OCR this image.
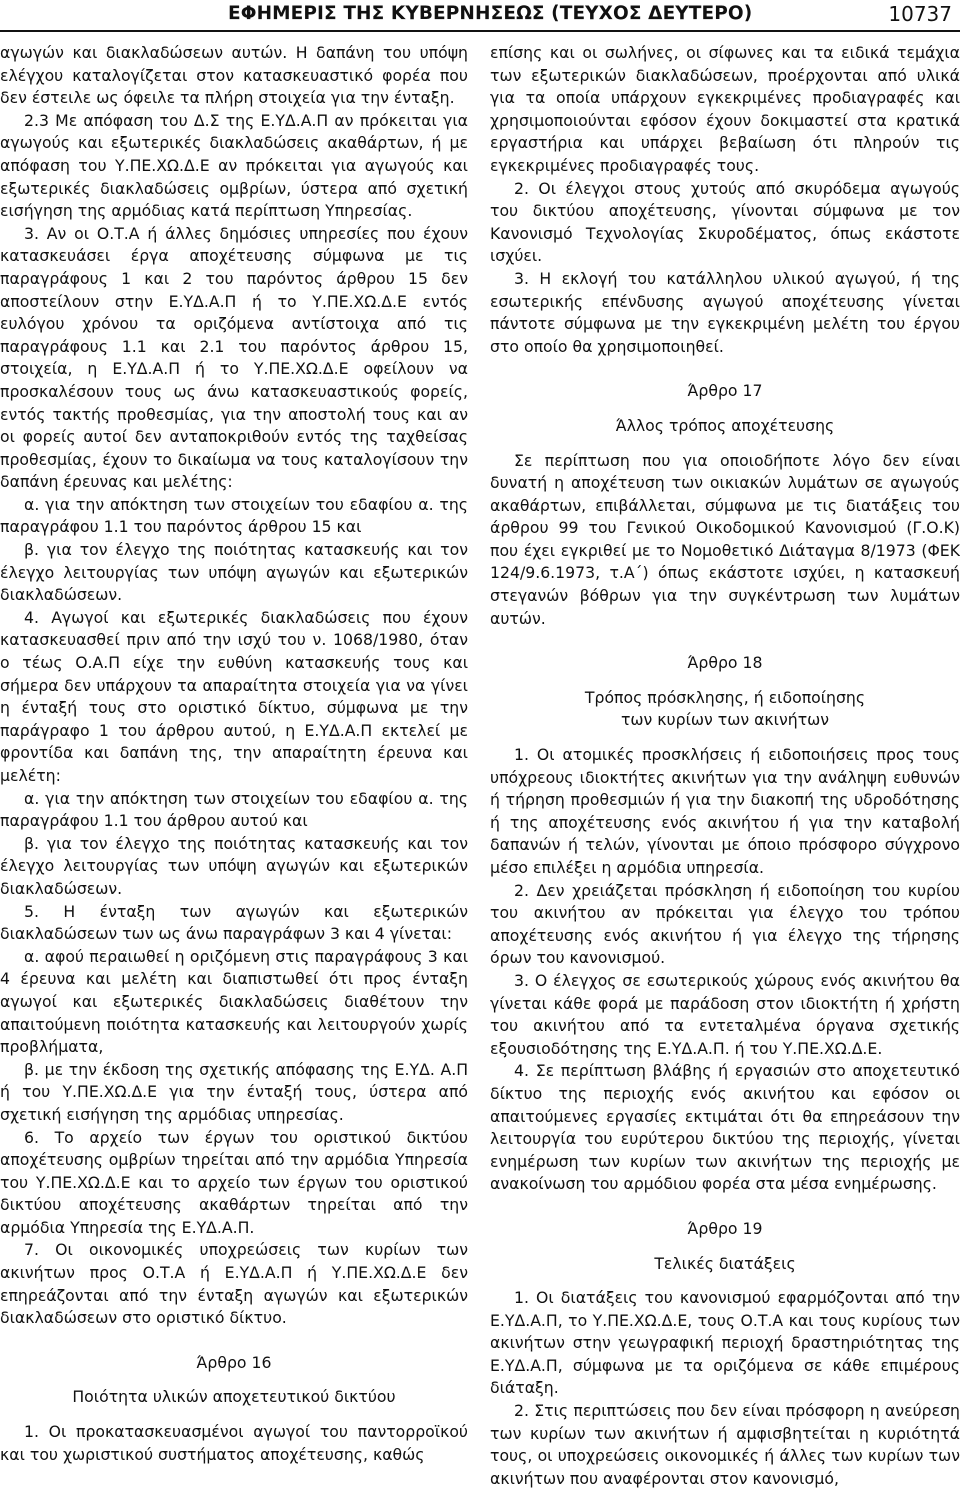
ΕΦΗΜΕΡΙΣ ΤΗΣ ΚΥΒΕΡΝΗΣΕΩΣ (ΤΕΥΧΟΣ ΔΕΥΤΕΡΟ)	10737

αγωγών και διακλαδώσεων αυτών. Η δαπάνη του υπόψη ελέγχου καταλογίζεται στον κατασκευαστικό φορέα που δεν έστειλε ως όφειλε τα πλήρη στοιχεία για την ένταξη.

2.3 Με απόφαση του Δ.Σ της Ε.ΥΔ.Α.Π αν πρόκειται για αγωγούς και εξωτερικές διακλαδώσεις ακαθάρτων, ή με απόφαση του Υ.ΠΕ.ΧΩ.Δ.Ε αν πρόκειται για αγωγούς και εξωτερικές διακλαδώσεις ομβρίων, ύστερα από σχετική εισήγηση της αρμόδιας κατά περίπτωση Υπηρεσίας.

3. Αν οι Ο.Τ.Α ή άλλες δημόσιες υπηρεσίες που έχουν κατασκευάσει έργα αποχέτευσης σύμφωνα με τις παραγράφους 1 και 2 του παρόντος άρθρου 15 δεν αποστείλουν στην Ε.ΥΔ.Α.Π ή το Υ.ΠΕ.ΧΩ.Δ.Ε εντός ευλόγου χρόνου τα οριζόμενα αντίστοιχα από τις παραγράφους 1.1 και 2.1 του παρόντος άρθρου 15, στοιχεία, η Ε.ΥΔ.Α.Π ή το Υ.ΠΕ.ΧΩ.Δ.Ε οφείλουν να προσκαλέσουν τους ως άνω κατασκευαστικούς φορείς, εντός τακτής προθεσμίας, για την αποστολή τους και αν οι φορείς αυτοί δεν ανταποκριθούν εντός της ταχθείσας προθεσμίας, έχουν το δικαίωμα να τους καταλογίσουν την δαπάνη έρευνας και μελέτης:

α. για την απόκτηση των στοιχείων του εδαφίου α. της παραγράφου 1.1 του παρόντος άρθρου 15 και

β. για τον έλεγχο της ποιότητας κατασκευής και τον έλεγχο λειτουργίας των υπόψη αγωγών και εξωτερικών διακλαδώσεων.

4. Αγωγοί και εξωτερικές διακλαδώσεις που έχουν κατασκευασθεί πριν από την ισχύ του ν. 1068/1980, όταν ο τέως Ο.Α.Π είχε την ευθύνη κατασκευής τους και σήμερα δεν υπάρχουν τα απαραίτητα στοιχεία για να γίνει η ένταξή τους στο οριστικό δίκτυο, σύμφωνα με την παράγραφο 1 του άρθρου αυτού, η Ε.ΥΔ.Α.Π εκτελεί με φροντίδα και δαπάνη της, την απαραίτητη έρευνα και μελέτη:

α. για την απόκτηση των στοιχείων του εδαφίου α. της παραγράφου 1.1 του άρθρου αυτού και

β. για τον έλεγχο της ποιότητας κατασκευής και τον έλεγχο λειτουργίας των υπόψη αγωγών και εξωτερικών διακλαδώσεων.

5. Η ένταξη των αγωγών και εξωτερικών διακλαδώσεων των ως άνω παραγράφων 3 και 4 γίνεται:

α. αφού περαιωθεί η οριζόμενη στις παραγράφους 3 και 4 έρευνα και μελέτη και διαπιστωθεί ότι προς ένταξη αγωγοί και εξωτερικές διακλαδώσεις διαθέτουν την απαιτούμενη ποιότητα κατασκευής και λειτουργούν χωρίς προβλήματα,

β. με την έκδοση της σχετικής απόφασης της Ε.ΥΔ. Α.Π ή του Υ.ΠΕ.ΧΩ.Δ.Ε για την ένταξή τους, ύστερα από σχετική εισήγηση της αρμόδιας υπηρεσίας.

6. Το αρχείο των έργων του οριστικού δικτύου αποχέτευσης ομβρίων τηρείται από την αρμόδια Υπηρεσία του Υ.ΠΕ.ΧΩ.Δ.Ε και το αρχείο των έργων του οριστικού δικτύου αποχέτευσης ακαθάρτων τηρείται από την αρμόδια Υπηρεσία της Ε.ΥΔ.Α.Π.

7. Οι οικονομικές υποχρεώσεις των κυρίων των ακινήτων προς Ο.Τ.Α ή Ε.ΥΔ.Α.Π ή Υ.ΠΕ.ΧΩ.Δ.Ε δεν επηρεάζονται από την ένταξη αγωγών και εξωτερικών διακλαδώσεων στο οριστικό δίκτυο.

Άρθρο 16

Ποιότητα υλικών αποχετευτικού δικτύου

1. Οι προκατασκευασμένοι αγωγοί του παντορροϊκού και του χωριστικού συστήματος αποχέτευσης, καθώς

επίσης και οι σωλήνες, οι σίφωνες και τα ειδικά τεμάχια των εξωτερικών διακλαδώσεων, προέρχονται από υλικά για τα οποία υπάρχουν εγκεκριμένες προδιαγραφές και χρησιμοποιούνται εφόσον έχουν δοκιμαστεί στα κρατικά εργαστήρια και υπάρχει βεβαίωση ότι πληρούν τις εγκεκριμένες προδιαγραφές τους.

2. Οι έλεγχοι στους χυτούς από σκυρόδεμα αγωγούς του δικτύου αποχέτευσης, γίνονται σύμφωνα με τον Κανονισμό Τεχνολογίας Σκυροδέματος, όπως εκάστοτε ισχύει.

3. Η εκλογή του κατάλληλου υλικού αγωγού, ή της εσωτερικής επένδυσης αγωγού αποχέτευσης γίνεται πάντοτε σύμφωνα με την εγκεκριμένη μελέτη του έργου στο οποίο θα χρησιμοποιηθεί.

Άρθρο 17

Άλλος τρόπος αποχέτευσης

Σε περίπτωση που για οποιοδήποτε λόγο δεν είναι δυνατή η αποχέτευση των οικιακών λυμάτων σε αγωγούς ακαθάρτων, επιβάλλεται, σύμφωνα με τις διατάξεις του άρθρου 99 του Γενικού Οικοδομικού Κανονισμού (Γ.Ο.Κ) που έχει εγκριθεί με το Νομοθετικό Διάταγμα 8/1973 (ΦΕΚ 124/9.6.1973, τ.Α΄) όπως εκάστοτε ισχύει, η κατασκευή στεγανών βόθρων για την συγκέντρωση των λυμάτων αυτών.

Άρθρο 18

Τρόπος πρόσκλησης, ή ειδοποίησης των κυρίων των ακινήτων

1. Οι ατομικές προσκλήσεις ή ειδοποιήσεις προς τους υπόχρεους ιδιοκτήτες ακινήτων για την ανάληψη ευθυνών ή τήρηση προθεσμιών ή για την διακοπή της υδροδότησης ή της αποχέτευσης ενός ακινήτου ή για την καταβολή δαπανών ή τελών, γίνονται με όποιο πρόσφορο σύγχρονο μέσο επιλέξει η αρμόδια υπηρεσία.

2. Δεν χρειάζεται πρόσκληση ή ειδοποίηση του κυρίου του ακινήτου αν πρόκειται για έλεγχο του τρόπου αποχέτευσης ενός ακινήτου ή για έλεγχο της τήρησης όρων του κανονισμού.

3. Ο έλεγχος σε εσωτερικούς χώρους ενός ακινήτου θα γίνεται κάθε φορά με παράδοση στον ιδιοκτήτη ή χρήστη του ακινήτου από τα εντεταλμένα όργανα σχετικής εξουσιοδότησης της Ε.ΥΔ.Α.Π. ή του Υ.ΠΕ.ΧΩ.Δ.Ε.

4. Σε περίπτωση βλάβης ή εργασιών στο αποχετευτικό δίκτυο της περιοχής ενός ακινήτου και εφόσον οι απαιτούμενες εργασίες εκτιμάται ότι θα επηρεάσουν την λειτουργία του ευρύτερου δικτύου της περιοχής, γίνεται ενημέρωση των κυρίων των ακινήτων της περιοχής με ανακοίνωση του αρμόδιου φορέα στα μέσα ενημέρωσης.

Άρθρο 19

Τελικές διατάξεις

1. Οι διατάξεις του κανονισμού εφαρμόζονται από την Ε.ΥΔ.Α.Π, το Υ.ΠΕ.ΧΩ.Δ.Ε, τους Ο.Τ.Α και τους κυρίους των ακινήτων στην γεωγραφική περιοχή δραστηριότητας της Ε.ΥΔ.Α.Π, σύμφωνα με τα οριζόμενα σε κάθε επιμέρους διάταξη.

2. Στις περιπτώσεις που δεν είναι πρόσφορη η ανεύρεση των κυρίων των ακινήτων ή αμφισβητείται η κυριότητά τους, οι υποχρεώσεις οικονομικές ή άλλες των κυρίων των ακινήτων που αναφέρονται στον κανονισμό,
